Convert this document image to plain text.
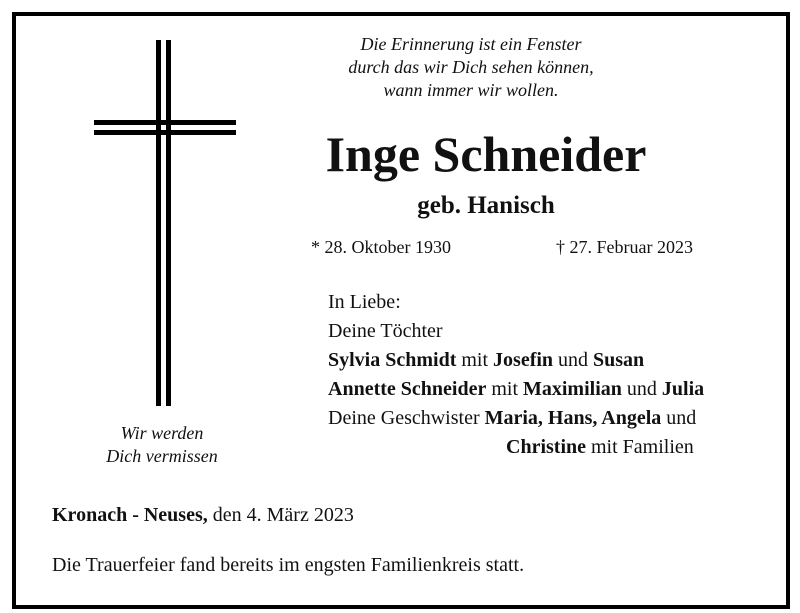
Die Erinnerung ist ein Fenster
durch das wir Dich sehen können,
wann immer wir wollen.
Inge Schneider
geb. Hanisch
* 28. Oktober 1930	† 27. Februar 2023
Wir werden
Dich vermissen
In Liebe:
Deine Töchter
Sylvia Schmidt mit Josefin und Susan
Annette Schneider mit Maximilian und Julia
Deine Geschwister Maria, Hans, Angela und
Christine mit Familien
Kronach - Neuses, den 4. März 2023
Die Trauerfeier fand bereits im engsten Familienkreis statt.
